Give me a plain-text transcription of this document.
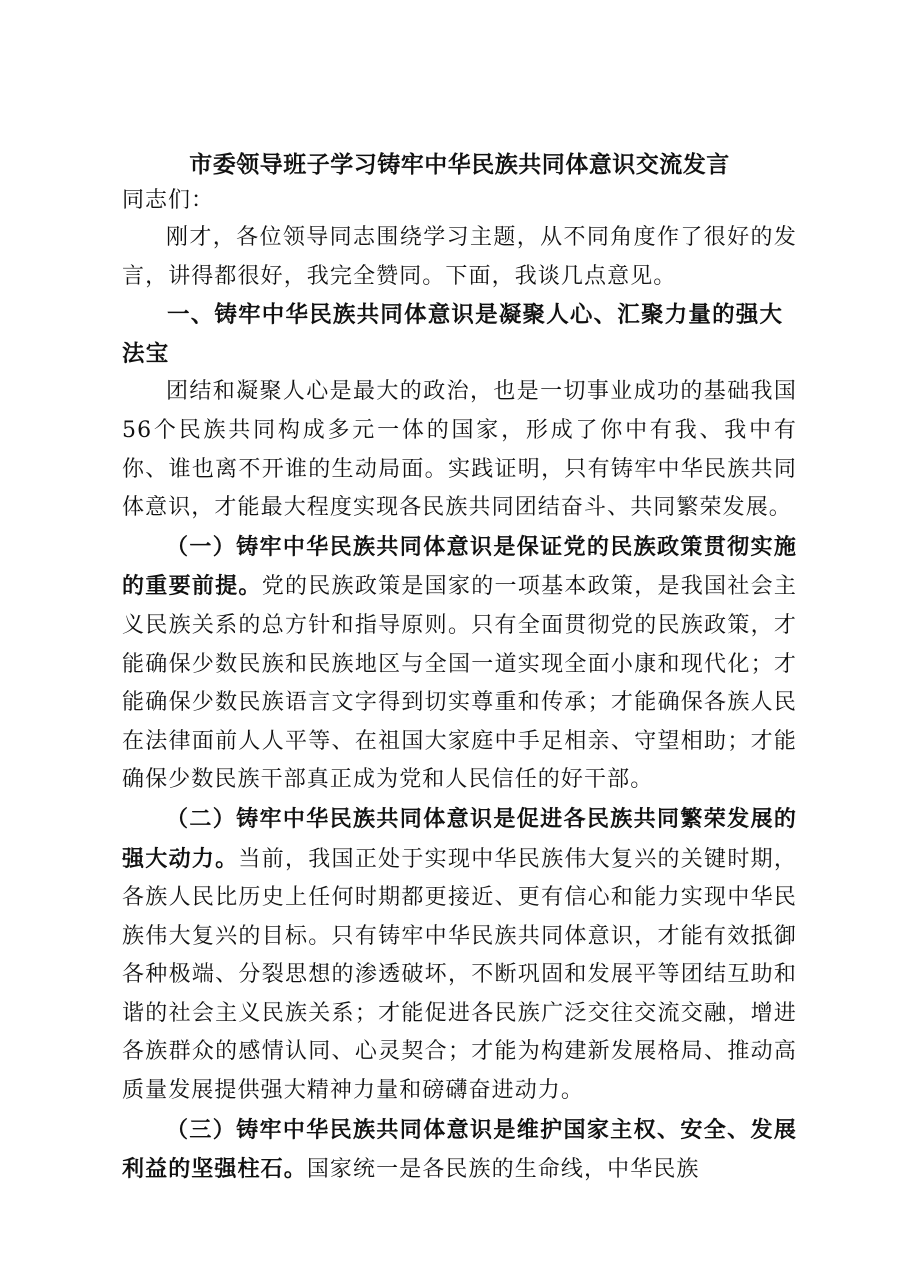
市委领导班子学习铸牢中华民族共同体意识交流发言

同志们：

刚才，各位领导同志围绕学习主题，从不同角度作了很好的发言，讲得都很好，我完全赞同。下面，我谈几点意见。

一、铸牢中华民族共同体意识是凝聚人心、汇聚力量的强大法宝

团结和凝聚人心是最大的政治，也是一切事业成功的基础我国56个民族共同构成多元一体的国家，形成了你中有我、我中有你、谁也离不开谁的生动局面。实践证明，只有铸牢中华民族共同体意识，才能最大程度实现各民族共同团结奋斗、共同繁荣发展。

（一）铸牢中华民族共同体意识是保证党的民族政策贯彻实施的重要前提。党的民族政策是国家的一项基本政策，是我国社会主义民族关系的总方针和指导原则。只有全面贯彻党的民族政策，才能确保少数民族和民族地区与全国一道实现全面小康和现代化；才能确保少数民族语言文字得到切实尊重和传承；才能确保各族人民在法律面前人人平等、在祖国大家庭中手足相亲、守望相助；才能确保少数民族干部真正成为党和人民信任的好干部。

（二）铸牢中华民族共同体意识是促进各民族共同繁荣发展的强大动力。当前，我国正处于实现中华民族伟大复兴的关键时期，各族人民比历史上任何时期都更接近、更有信心和能力实现中华民族伟大复兴的目标。只有铸牢中华民族共同体意识，才能有效抵御各种极端、分裂思想的渗透破坏，不断巩固和发展平等团结互助和谐的社会主义民族关系；才能促进各民族广泛交往交流交融，增进各族群众的感情认同、心灵契合；才能为构建新发展格局、推动高质量发展提供强大精神力量和磅礴奋进动力。

（三）铸牢中华民族共同体意识是维护国家主权、安全、发展利益的坚强柱石。国家统一是各民族的生命线，中华民族
